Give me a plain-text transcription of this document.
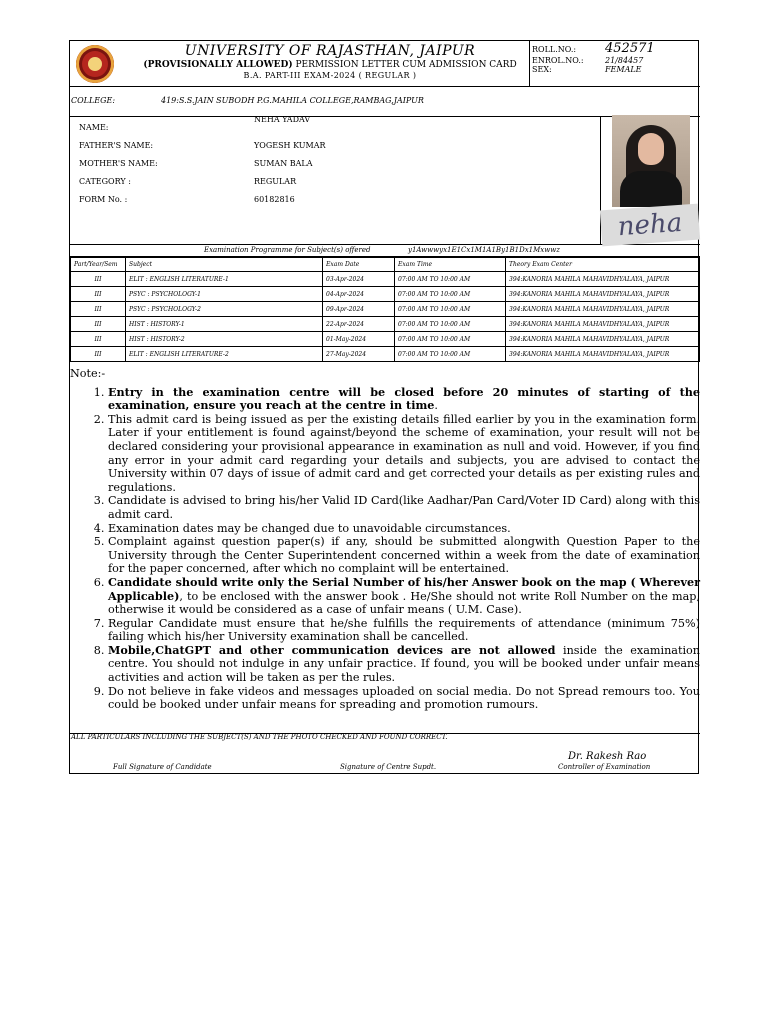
UNIVERSITY OF RAJASTHAN, JAIPUR
(PROVISIONALLY ALLOWED) PERMISSION LETTER CUM ADMISSION CARD
B.A. PART-III EXAM-2024 ( REGULAR )
ROLL.NO.: 452571
ENROL.NO.:	21/84457
SEX:	FEMALE
COLLEGE:	419:S.S.JAIN SUBODH P.G.MAHILA COLLEGE,RAMBAG,JAIPUR
NAME:
NEHA YADAV
FATHER'S NAME:	YOGESH KUMAR
MOTHER'S NAME:	SUMAN BALA
CATEGORY :	REGULAR
FORM No. :	60182816
neha
Examination Programme for Subject(s) offered	y1Awwwyx1E1Cx1M1A1By1B1Dx1Mxwwz
Part/Year/Sem	Subject	Exam Date	Exam Time	Theory Exam Center
III	ELIT : ENGLISH LITERATURE-1	03-Apr-2024	07:00 AM TO 10:00 AM	394:KANORIA MAHILA MAHAVIDHYALAYA, JAIPUR
III	PSYC : PSYCHOLOGY-1	04-Apr-2024	07:00 AM TO 10:00 AM	394:KANORIA MAHILA MAHAVIDHYALAYA, JAIPUR
III	PSYC : PSYCHOLOGY-2	09-Apr-2024	07:00 AM TO 10:00 AM	394:KANORIA MAHILA MAHAVIDHYALAYA, JAIPUR
III	HIST : HISTORY-1	22-Apr-2024	07:00 AM TO 10:00 AM	394:KANORIA MAHILA MAHAVIDHYALAYA, JAIPUR
III	HIST : HISTORY-2	01-May-2024	07:00 AM TO 10:00 AM	394:KANORIA MAHILA MAHAVIDHYALAYA, JAIPUR
III	ELIT : ENGLISH LITERATURE-2	27-May-2024	07:00 AM TO 10:00 AM	394:KANORIA MAHILA MAHAVIDHYALAYA, JAIPUR
Note:-
1. Entry in the examination centre will be closed before 20 minutes of starting of the examination, ensure you reach at the centre in time.
2. This admit card is being issued as per the existing details filled earlier by you in the examination form. Later if your entitlement is found against/beyond the scheme of examination, your result will not be declared considering your provisional appearance in examination as null and void. However, if you find any error in your admit card regarding your details and subjects, you are advised to contact the University within 07 days of issue of admit card and get corrected your details as per existing rules and regulations.
3. Candidate is advised to bring his/her Valid ID Card(like Aadhar/Pan Card/Voter ID Card) along with this admit card.
4. Examination dates may be changed due to unavoidable circumstances.
5. Complaint against question paper(s) if any, should be submitted alongwith Question Paper to the University through the Center Superintendent concerned within a week from the date of examination for the paper concerned, after which no complaint will be entertained.
6. Candidate should write only the Serial Number of his/her Answer book on the map ( Wherever Applicable), to be enclosed with the answer book . He/She should not write Roll Number on the map, otherwise it would be considered as a case of unfair means ( U.M. Case).
7. Regular Candidate must ensure that he/she fulfills the requirements of attendance (minimum 75%) failing which his/her University examination shall be cancelled.
8. Mobile,ChatGPT and other communication devices are not allowed inside the examination centre. You should not indulge in any unfair practice. If found, you will be booked under unfair means activities and action will be taken as per the rules.
9. Do not believe in fake videos and messages uploaded on social media. Do not Spread remours too. You could be booked under unfair means for spreading and promotion rumours.
ALL PARTICULARS INCLUDING THE SUBJECT(S) AND THE PHOTO CHECKED AND FOUND CORRECT.
Full Signature of Candidate	Signature of Centre Supdt.
Dr. Rakesh Rao
Controller of Examination
